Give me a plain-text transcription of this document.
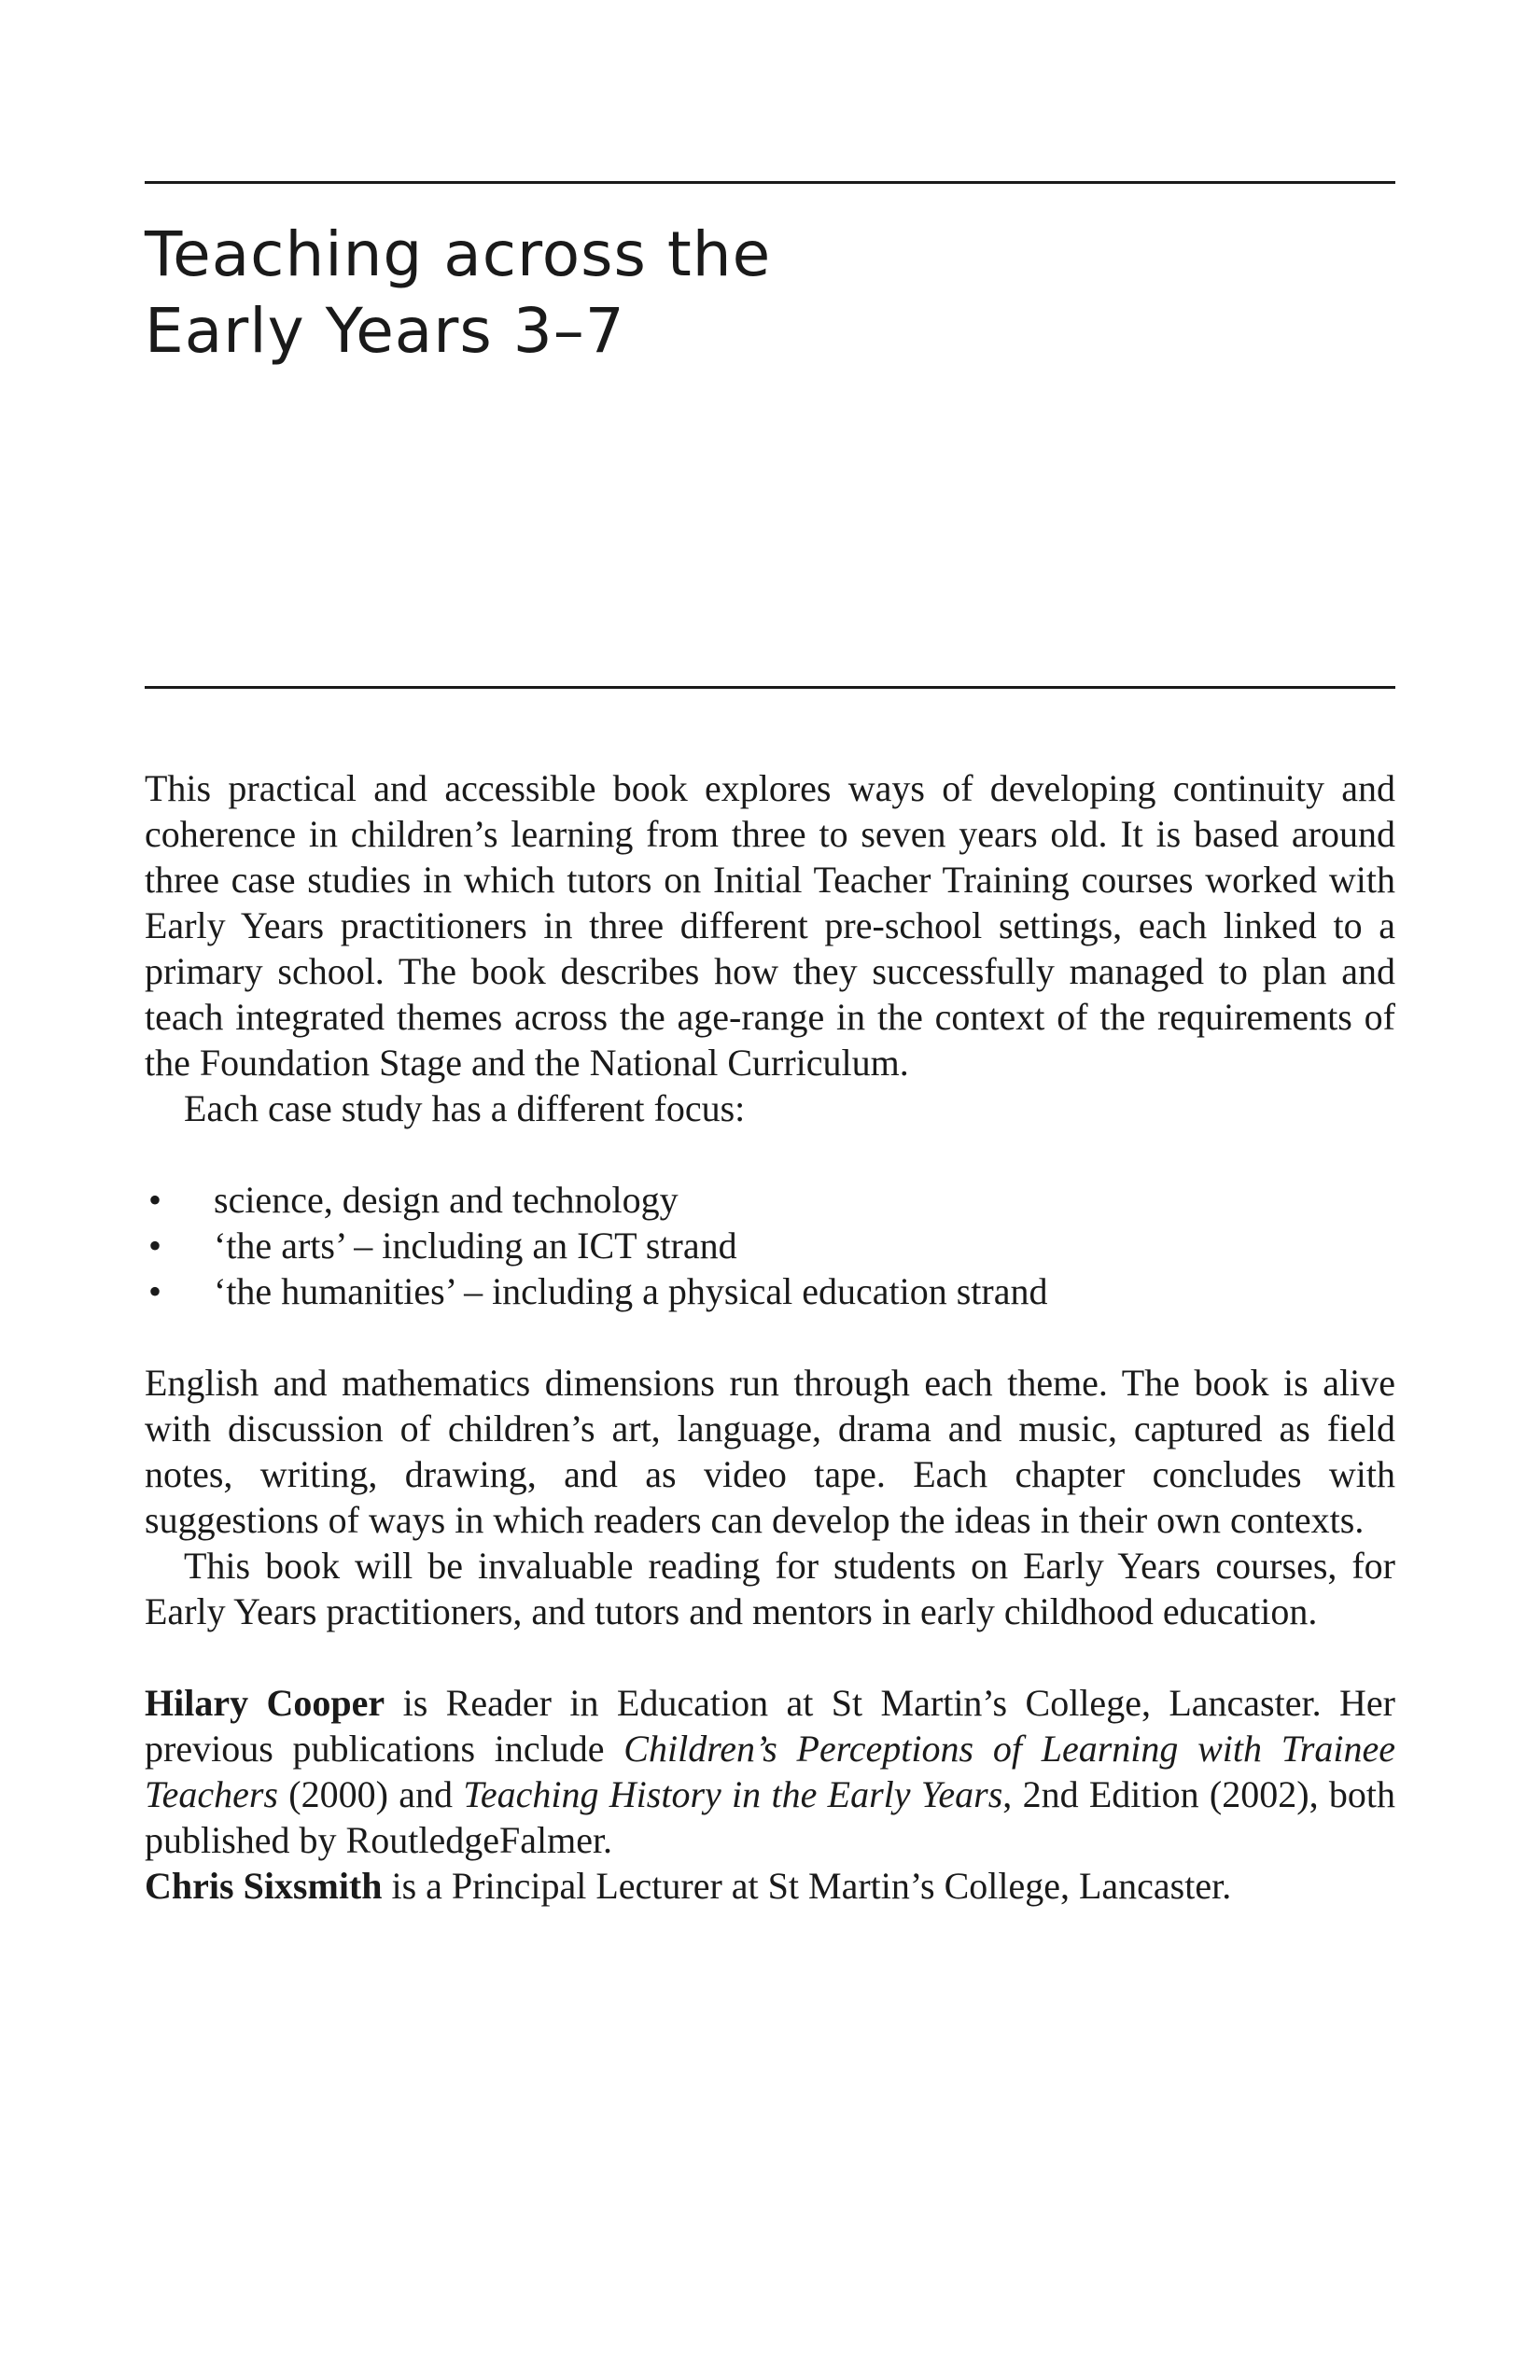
Teaching across the
Early Years 3–7

This practical and accessible book explores ways of developing continuity and coherence in children’s learning from three to seven years old. It is based around three case studies in which tutors on Initial Teacher Training courses worked with Early Years practitioners in three different pre-school settings, each linked to a primary school. The book describes how they successfully managed to plan and teach integrated themes across the age-range in the context of the requirements of the Foundation Stage and the National Curriculum.

Each case study has a different focus:

• science, design and technology
• ‘the arts’ – including an ICT strand
• ‘the humanities’ – including a physical education strand

English and mathematics dimensions run through each theme. The book is alive with discussion of children’s art, language, drama and music, captured as field notes, writing, drawing, and as video tape. Each chapter concludes with suggestions of ways in which readers can develop the ideas in their own contexts.

This book will be invaluable reading for students on Early Years courses, for Early Years practitioners, and tutors and mentors in early childhood education.

Hilary Cooper is Reader in Education at St Martin’s College, Lancaster. Her previous publications include Children’s Perceptions of Learning with Trainee Teachers (2000) and Teaching History in the Early Years, 2nd Edition (2002), both published by RoutledgeFalmer.

Chris Sixsmith is a Principal Lecturer at St Martin’s College, Lancaster.
